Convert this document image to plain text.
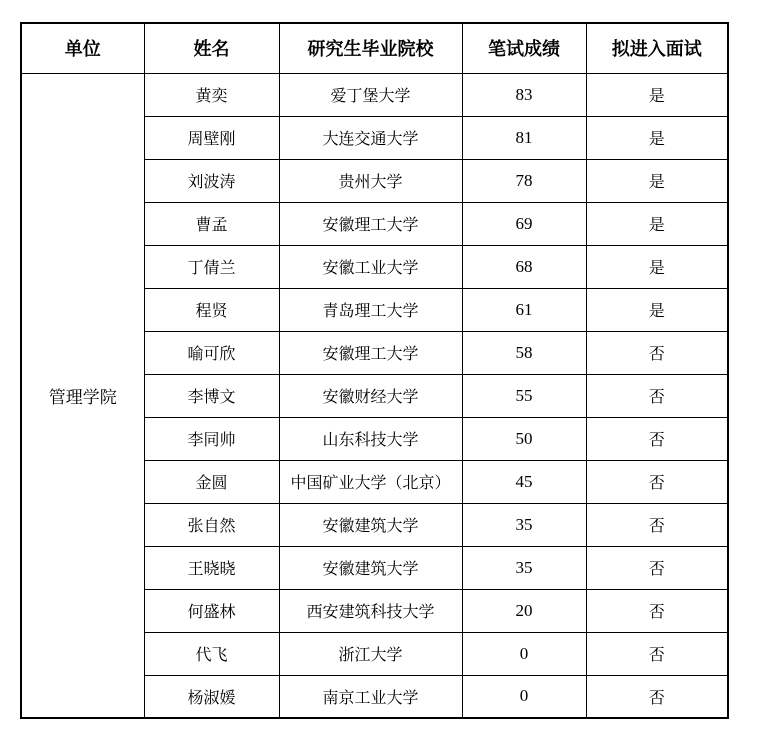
单位	姓名	研究生毕业院校	笔试成绩	拟进入面试
管理学院	黄奕	爱丁堡大学	83	是
	周壁刚	大连交通大学	81	是
	刘波涛	贵州大学	78	是
	曹孟	安徽理工大学	69	是
	丁倩兰	安徽工业大学	68	是
	程贤	青岛理工大学	61	是
	喻可欣	安徽理工大学	58	否
	李博文	安徽财经大学	55	否
	李同帅	山东科技大学	50	否
	金圆	中国矿业大学（北京）	45	否
	张自然	安徽建筑大学	35	否
	王晓晓	安徽建筑大学	35	否
	何盛林	西安建筑科技大学	20	否
	代飞	浙江大学	0	否
	杨淑媛	南京工业大学	0	否
